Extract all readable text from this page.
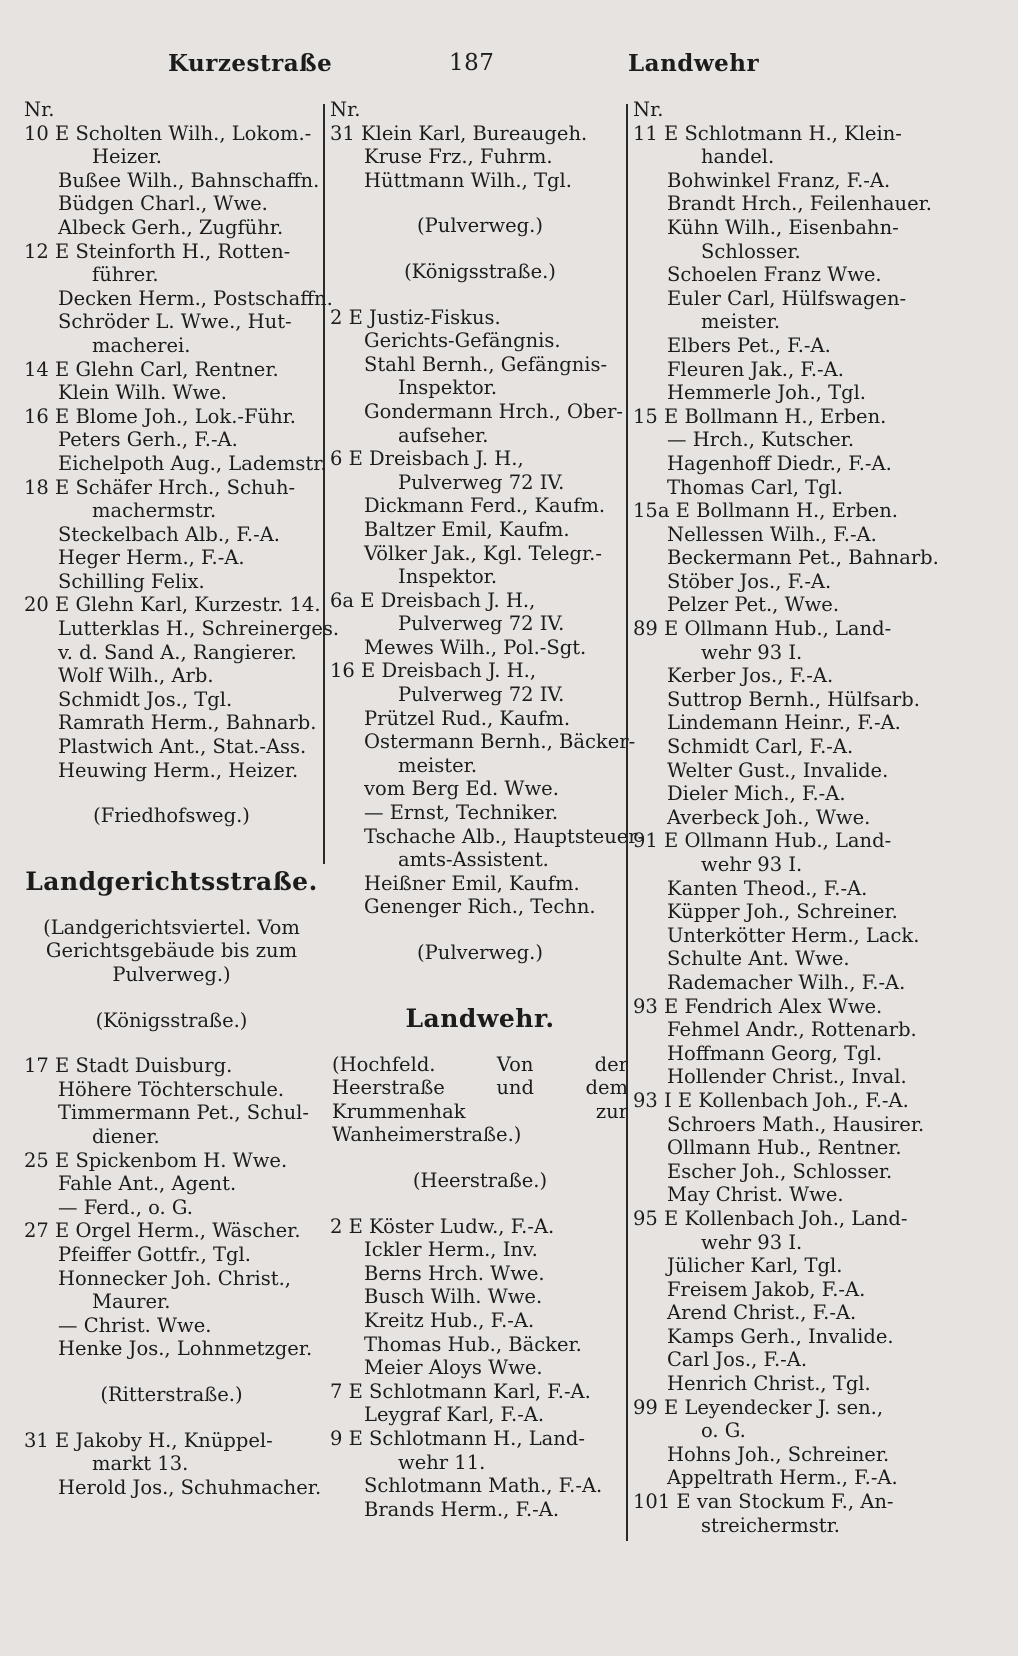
Kurzestraße	187	Landwehr
Nr.
10 E Scholten Wilh., Lokom.-
Heizer.
Bußee Wilh., Bahnschaffn.
Büdgen Charl., Wwe.
Albeck Gerh., Zugführ.
12 E Steinforth H., Rotten-
führer.
Decken Herm., Postschaffn.
Schröder L. Wwe., Hut-
macherei.
14 E Glehn Carl, Rentner.
Klein Wilh. Wwe.
16 E Blome Joh., Lok.-Führ.
Peters Gerh., F.-A.
Eichelpoth Aug., Lademstr.
18 E Schäfer Hrch., Schuh-
machermstr.
Steckelbach Alb., F.-A.
Heger Herm., F.-A.
Schilling Felix.
20 E Glehn Karl, Kurzestr. 14.
Lutterklas H., Schreinerges.
v. d. Sand A., Rangierer.
Wolf Wilh., Arb.
Schmidt Jos., Tgl.
Ramrath Herm., Bahnarb.
Plastwich Ant., Stat.-Ass.
Heuwing Herm., Heizer.
(Friedhofsweg.)
Landgerichtsstraße.
(Landgerichtsviertel. Vom Gerichtsgebäude bis zum Pulverweg.)
(Königsstraße.)
17 E Stadt Duisburg.
Höhere Töchterschule.
Timmermann Pet., Schul-
diener.
25 E Spickenbom H. Wwe.
Fahle Ant., Agent.
— Ferd., o. G.
27 E Orgel Herm., Wäscher.
Pfeiffer Gottfr., Tgl.
Honnecker Joh. Christ.,
Maurer.
— Christ. Wwe.
Henke Jos., Lohnmetzger.
(Ritterstraße.)
31 E Jakoby H., Knüppel-
markt 13.
Herold Jos., Schuhmacher.
Nr.
31 Klein Karl, Bureaugeh.
Kruse Frz., Fuhrm.
Hüttmann Wilh., Tgl.
(Pulverweg.)
(Königsstraße.)
2 E Justiz-Fiskus.
Gerichts-Gefängnis.
Stahl Bernh., Gefängnis-
Inspektor.
Gondermann Hrch., Ober-
aufseher.
6 E Dreisbach J. H.,
Pulverweg 72 IV.
Dickmann Ferd., Kaufm.
Baltzer Emil, Kaufm.
Völker Jak., Kgl. Telegr.-
Inspektor.
6a E Dreisbach J. H.,
Pulverweg 72 IV.
Mewes Wilh., Pol.-Sgt.
16 E Dreisbach J. H.,
Pulverweg 72 IV.
Prützel Rud., Kaufm.
Ostermann Bernh., Bäcker-
meister.
vom Berg Ed. Wwe.
— Ernst, Techniker.
Tschache Alb., Hauptsteuer-
amts-Assistent.
Heißner Emil, Kaufm.
Genenger Rich., Techn.
(Pulverweg.)
Landwehr.
(Hochfeld. Von der Heerstraße und dem Krummenhak zur Wanheimerstraße.)
(Heerstraße.)
2 E Köster Ludw., F.-A.
Ickler Herm., Inv.
Berns Hrch. Wwe.
Busch Wilh. Wwe.
Kreitz Hub., F.-A.
Thomas Hub., Bäcker.
Meier Aloys Wwe.
7 E Schlotmann Karl, F.-A.
Leygraf Karl, F.-A.
9 E Schlotmann H., Land-
wehr 11.
Schlotmann Math., F.-A.
Brands Herm., F.-A.
Nr.
11 E Schlotmann H., Klein-
handel.
Bohwinkel Franz, F.-A.
Brandt Hrch., Feilenhauer.
Kühn Wilh., Eisenbahn-
Schlosser.
Schoelen Franz Wwe.
Euler Carl, Hülfswagen-
meister.
Elbers Pet., F.-A.
Fleuren Jak., F.-A.
Hemmerle Joh., Tgl.
15 E Bollmann H., Erben.
— Hrch., Kutscher.
Hagenhoff Diedr., F.-A.
Thomas Carl, Tgl.
15a E Bollmann H., Erben.
Nellessen Wilh., F.-A.
Beckermann Pet., Bahnarb.
Stöber Jos., F.-A.
Pelzer Pet., Wwe.
89 E Ollmann Hub., Land-
wehr 93 I.
Kerber Jos., F.-A.
Suttrop Bernh., Hülfsarb.
Lindemann Heinr., F.-A.
Schmidt Carl, F.-A.
Welter Gust., Invalide.
Dieler Mich., F.-A.
Averbeck Joh., Wwe.
91 E Ollmann Hub., Land-
wehr 93 I.
Kanten Theod., F.-A.
Küpper Joh., Schreiner.
Unterkötter Herm., Lack.
Schulte Ant. Wwe.
Rademacher Wilh., F.-A.
93 E Fendrich Alex Wwe.
Fehmel Andr., Rottenarb.
Hoffmann Georg, Tgl.
Hollender Christ., Inval.
93 I E Kollenbach Joh., F.-A.
Schroers Math., Hausirer.
Ollmann Hub., Rentner.
Escher Joh., Schlosser.
May Christ. Wwe.
95 E Kollenbach Joh., Land-
wehr 93 I.
Jülicher Karl, Tgl.
Freisem Jakob, F.-A.
Arend Christ., F.-A.
Kamps Gerh., Invalide.
Carl Jos., F.-A.
Henrich Christ., Tgl.
99 E Leyendecker J. sen.,
o. G.
Hohns Joh., Schreiner.
Appeltrath Herm., F.-A.
101 E van Stockum F., An-
streichermstr.
